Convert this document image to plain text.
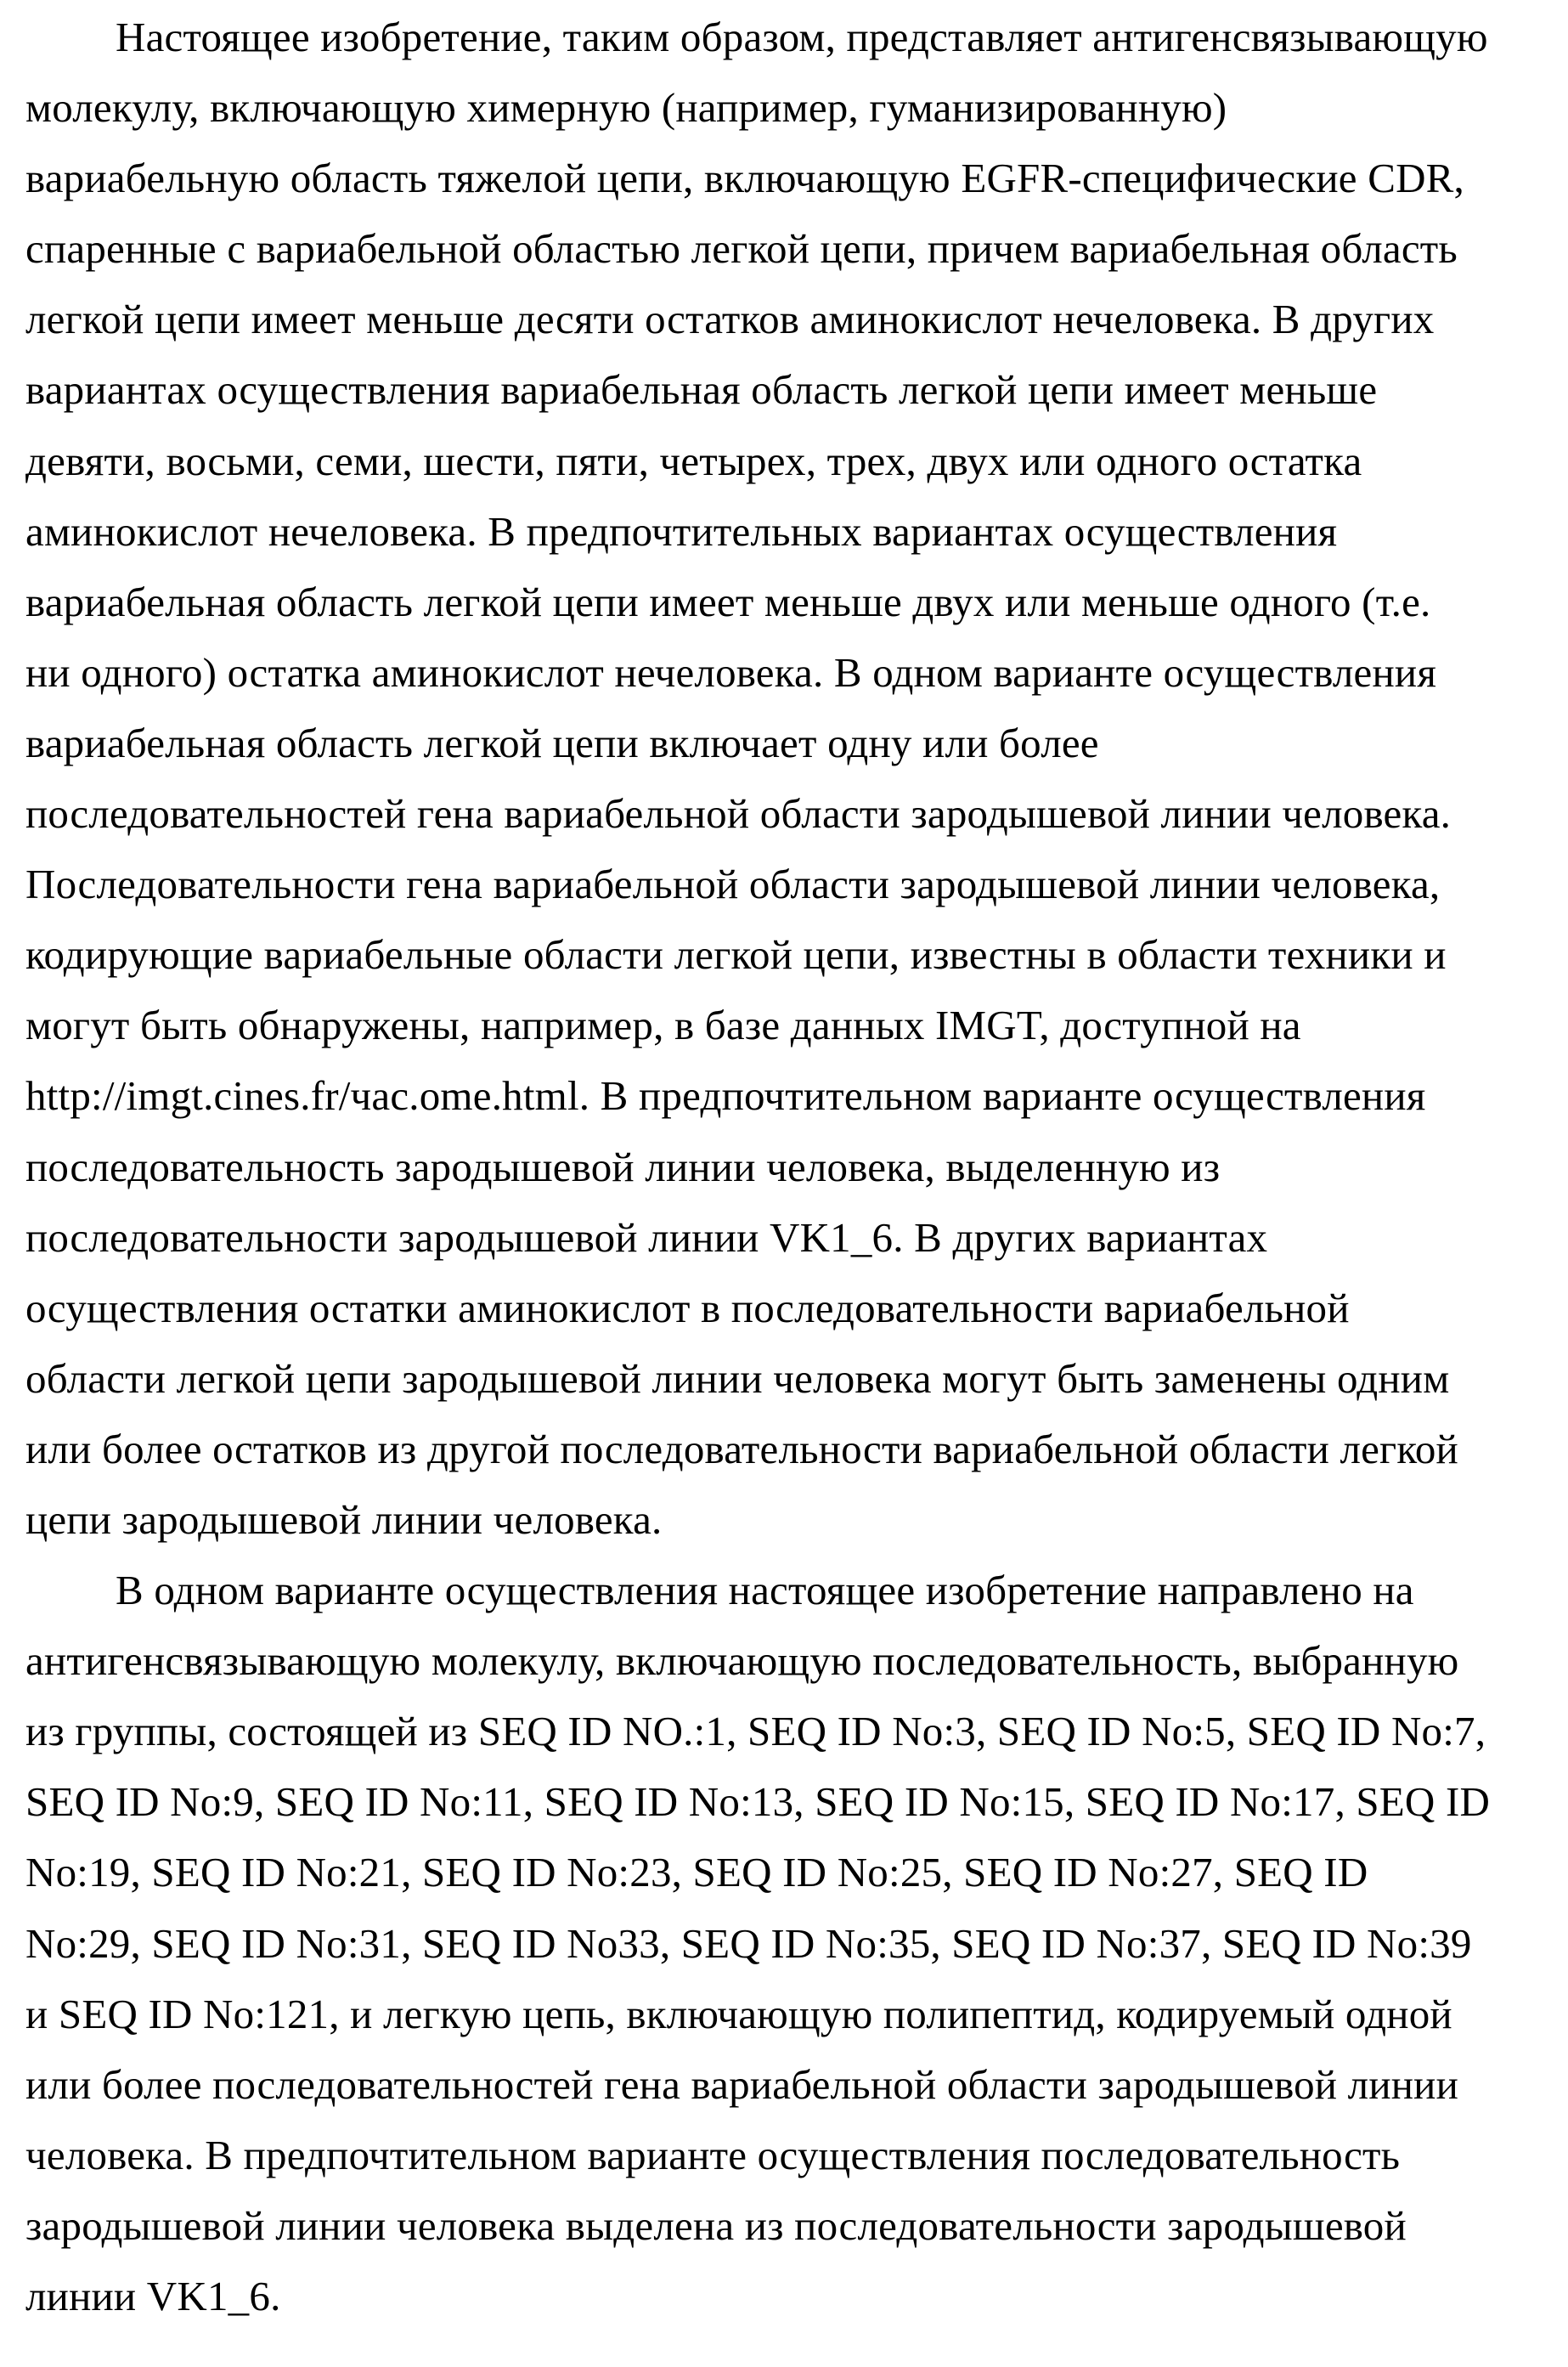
Настоящее изобретение, таким образом, представляет антигенсвязывающую
молекулу, включающую химерную (например, гуманизированную)
вариабельную область тяжелой цепи, включающую EGFR-специфические CDR,
спаренные с вариабельной областью легкой цепи, причем вариабельная область
легкой цепи имеет меньше десяти остатков аминокислот нечеловека. В других
вариантах осуществления вариабельная область легкой цепи имеет меньше
девяти, восьми, семи, шести, пяти, четырех, трех, двух или одного остатка
аминокислот нечеловека. В предпочтительных вариантах осуществления
вариабельная область легкой цепи имеет меньше двух или меньше одного (т.е.
ни одного) остатка аминокислот нечеловека. В одном варианте осуществления
вариабельная область легкой цепи включает одну или более
последовательностей гена вариабельной области зародышевой линии человека.
Последовательности гена вариабельной области зародышевой линии человека,
кодирующие вариабельные области легкой цепи, известны в области техники и
могут быть обнаружены, например, в базе данных IMGT, доступной на
http://imgt.cines.fr/час.ome.html. В предпочтительном варианте осуществления
последовательность зародышевой линии человека, выделенную из
последовательности зародышевой линии VK1_6. В других вариантах
осуществления остатки аминокислот в последовательности вариабельной
области легкой цепи зародышевой линии человека могут быть заменены одним
или более остатков из другой последовательности вариабельной области легкой
цепи зародышевой линии человека.
В одном варианте осуществления настоящее изобретение направлено на
антигенсвязывающую молекулу, включающую последовательность, выбранную
из группы, состоящей из SEQ ID NO.:1, SEQ ID No:3, SEQ ID No:5, SEQ ID No:7,
SEQ ID No:9, SEQ ID No:11, SEQ ID No:13, SEQ ID No:15, SEQ ID No:17, SEQ ID
No:19, SEQ ID No:21, SEQ ID No:23, SEQ ID No:25, SEQ ID No:27, SEQ ID
No:29, SEQ ID No:31, SEQ ID No33, SEQ ID No:35, SEQ ID No:37, SEQ ID No:39
и SEQ ID No:121, и легкую цепь, включающую полипептид, кодируемый одной
или более последовательностей гена вариабельной области зародышевой линии
человека. В предпочтительном варианте осуществления последовательность
зародышевой линии человека выделена из последовательности зародышевой
линии VK1_6.
